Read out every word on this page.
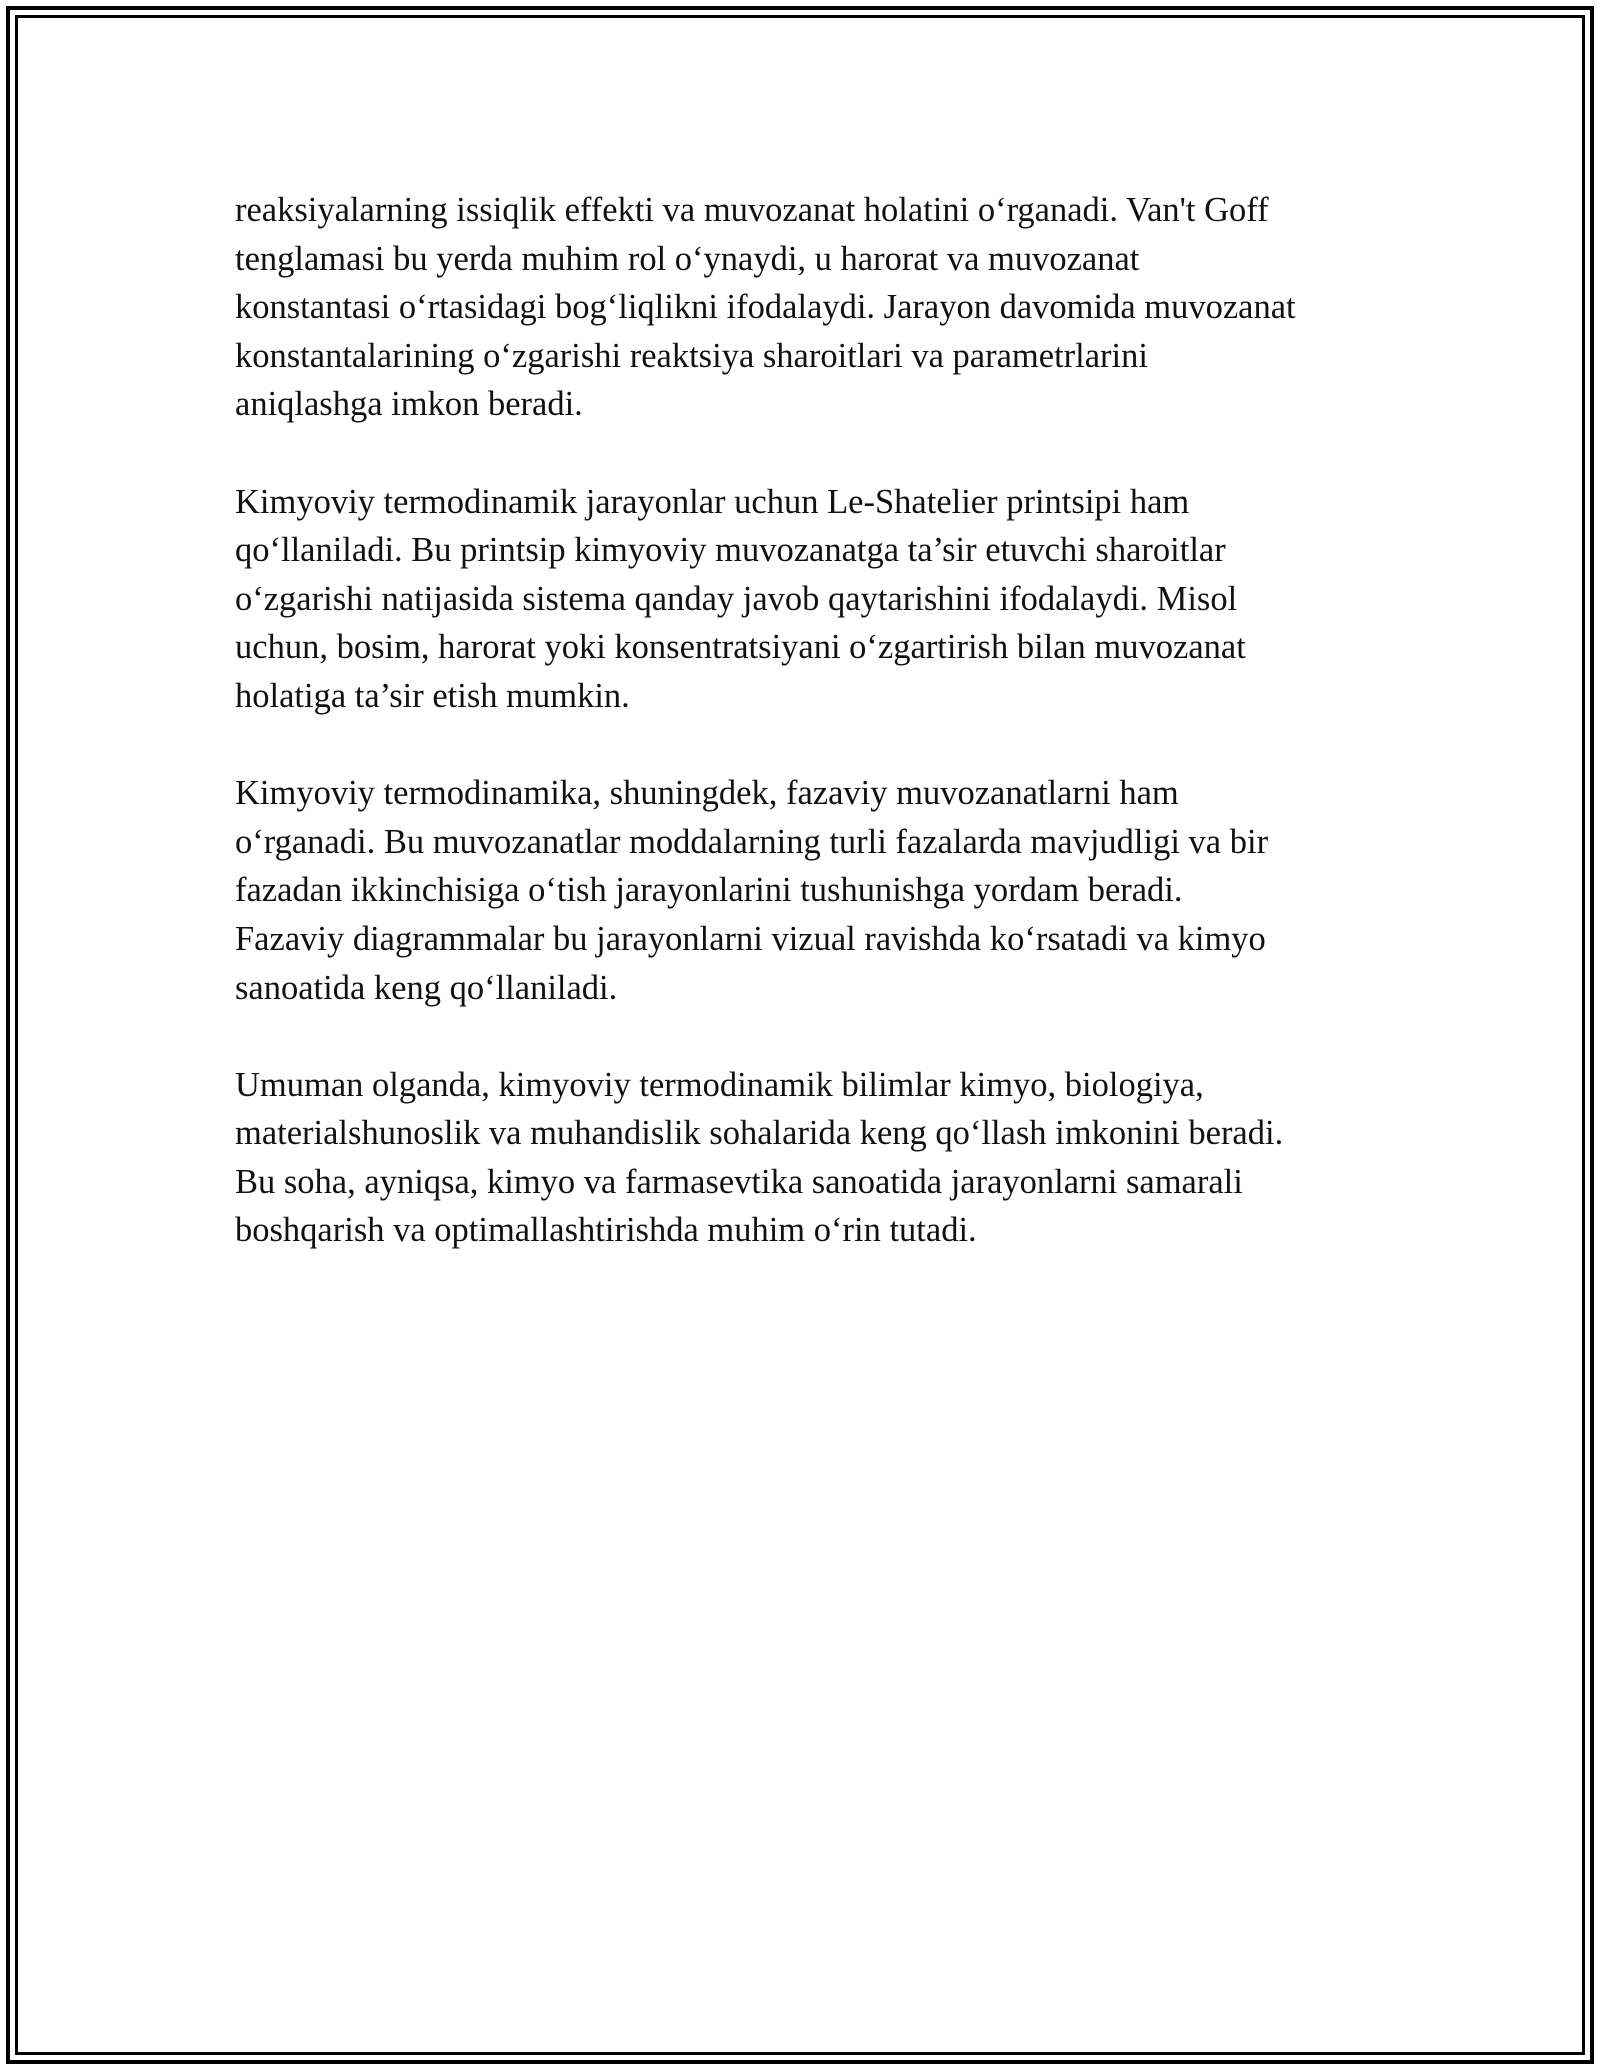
reaksiyalarning issiqlik effekti va muvozanat holatini o‘rganadi. Van't Goff
tenglamasi bu yerda muhim rol o‘ynaydi, u harorat va muvozanat
konstantasi o‘rtasidagi bog‘liqlikni ifodalaydi. Jarayon davomida muvozanat
konstantalarining o‘zgarishi reaktsiya sharoitlari va parametrlarini
aniqlashga imkon beradi.

Kimyoviy termodinamik jarayonlar uchun Le-Shatelier printsipi ham
qo‘llaniladi. Bu printsip kimyoviy muvozanatga ta’sir etuvchi sharoitlar
o‘zgarishi natijasida sistema qanday javob qaytarishini ifodalaydi. Misol
uchun, bosim, harorat yoki konsentratsiyani o‘zgartirish bilan muvozanat
holatiga ta’sir etish mumkin.

Kimyoviy termodinamika, shuningdek, fazaviy muvozanatlarni ham
o‘rganadi. Bu muvozanatlar moddalarning turli fazalarda mavjudligi va bir
fazadan ikkinchisiga o‘tish jarayonlarini tushunishga yordam beradi.
Fazaviy diagrammalar bu jarayonlarni vizual ravishda ko‘rsatadi va kimyo
sanoatida keng qo‘llaniladi.

Umuman olganda, kimyoviy termodinamik bilimlar kimyo, biologiya,
materialshunoslik va muhandislik sohalarida keng qo‘llash imkonini beradi.
Bu soha, ayniqsa, kimyo va farmasevtika sanoatida jarayonlarni samarali
boshqarish va optimallashtirishda muhim o‘rin tutadi.
